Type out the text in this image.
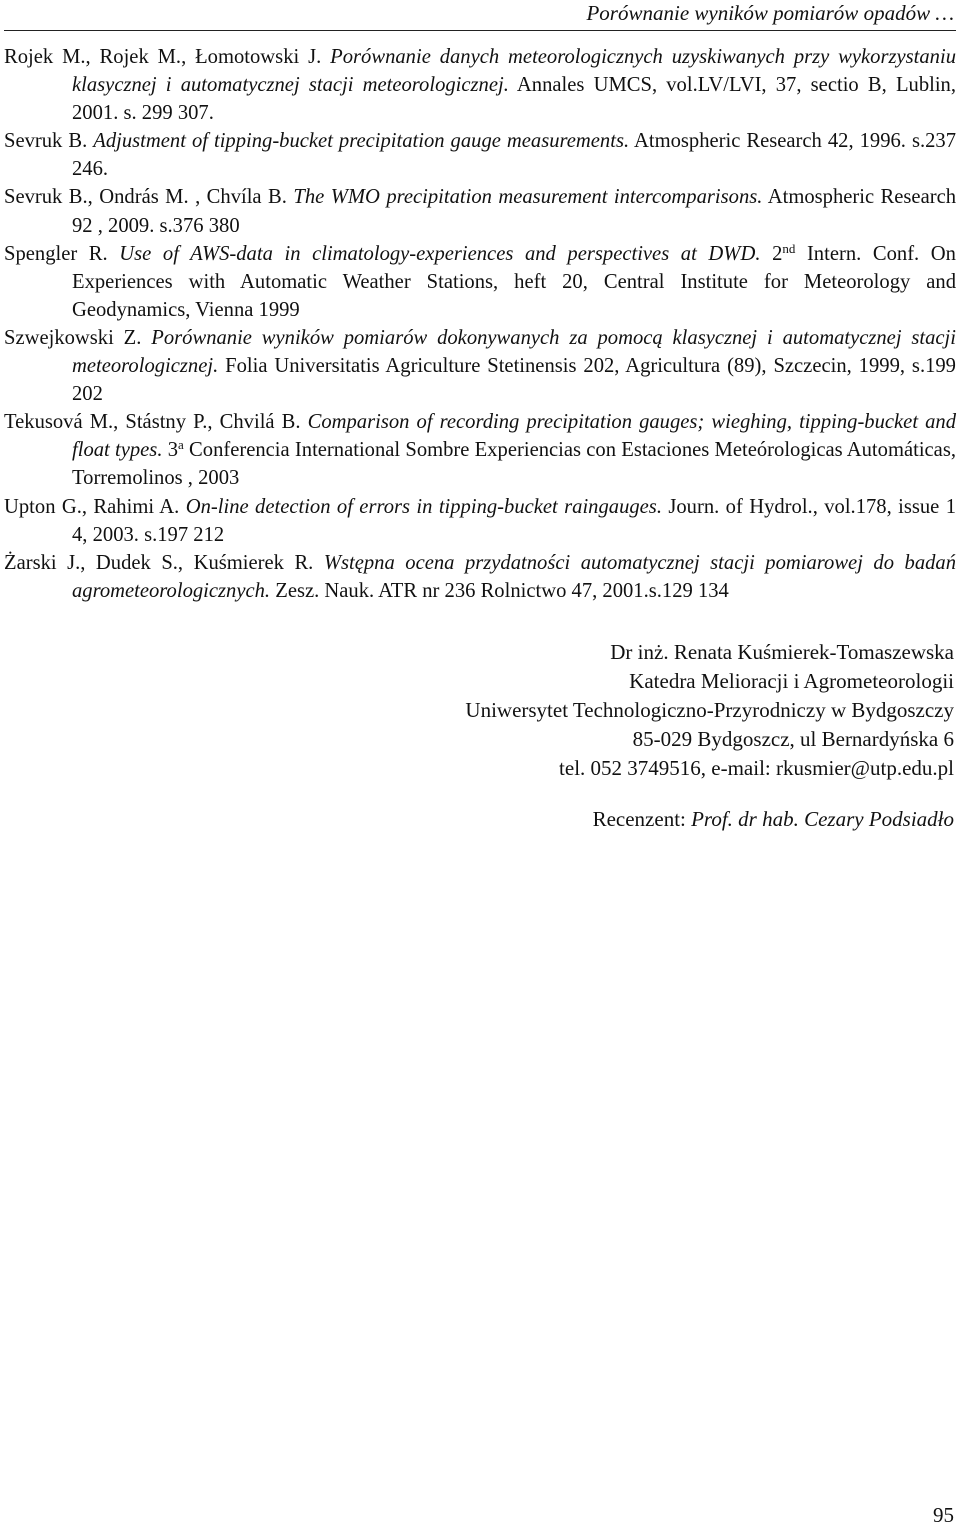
Porównanie wyników pomiarów opadów …
Rojek M., Rojek M., Łomotowski J. Porównanie danych meteorologicznych uzyskiwanych przy wykorzystaniu klasycznej i automatycznej stacji meteorologicznej. Annales UMCS, vol.LV/LVI, 37, sectio B, Lublin, 2001. s. 299 307.
Sevruk B. Adjustment of tipping-bucket precipitation gauge measurements. Atmospheric Research 42, 1996. s.237 246.
Sevruk B., Ondrás M. , Chvíla B. The WMO precipitation measurement intercomparisons. Atmospheric Research 92 , 2009. s.376 380
Spengler R. Use of AWS-data in climatology-experiences and perspectives at DWD. 2nd Intern. Conf. On Experiences with Automatic Weather Stations, heft 20, Central Institute for Meteorology and Geodynamics, Vienna 1999
Szwejkowski Z. Porównanie wyników pomiarów dokonywanych za pomocą klasycznej i automatycznej stacji meteorologicznej. Folia Universitatis Agriculture Stetinensis 202, Agricultura (89), Szczecin, 1999, s.199 202
Tekusová M., Stástny P., Chvilá B. Comparison of recording precipitation gauges; wieghing, tipping-bucket and float types. 3$^a$ Conferencia International Sombre Experiencias con Estaciones Meteórologicas Automáticas, Torremolinos , 2003
Upton G., Rahimi A. On-line detection of errors in tipping-bucket raingauges. Journ. of Hydrol., vol.178, issue 1 4, 2003. s.197 212
Żarski J., Dudek S., Kuśmierek R. Wstępna ocena przydatności automatycznej stacji pomiarowej do badań agrometeorologicznych. Zesz. Nauk. ATR nr 236 Rolnictwo 47, 2001.s.129 134
Dr inż. Renata Kuśmierek-Tomaszewska
Katedra Melioracji i Agrometeorologii
Uniwersytet Technologiczno-Przyrodniczy w Bydgoszczy
85-029 Bydgoszcz, ul Bernardyńska 6
tel. 052 3749516, e-mail: rkusmier@utp.edu.pl
Recenzent: Prof. dr hab. Cezary Podsiadło
95
